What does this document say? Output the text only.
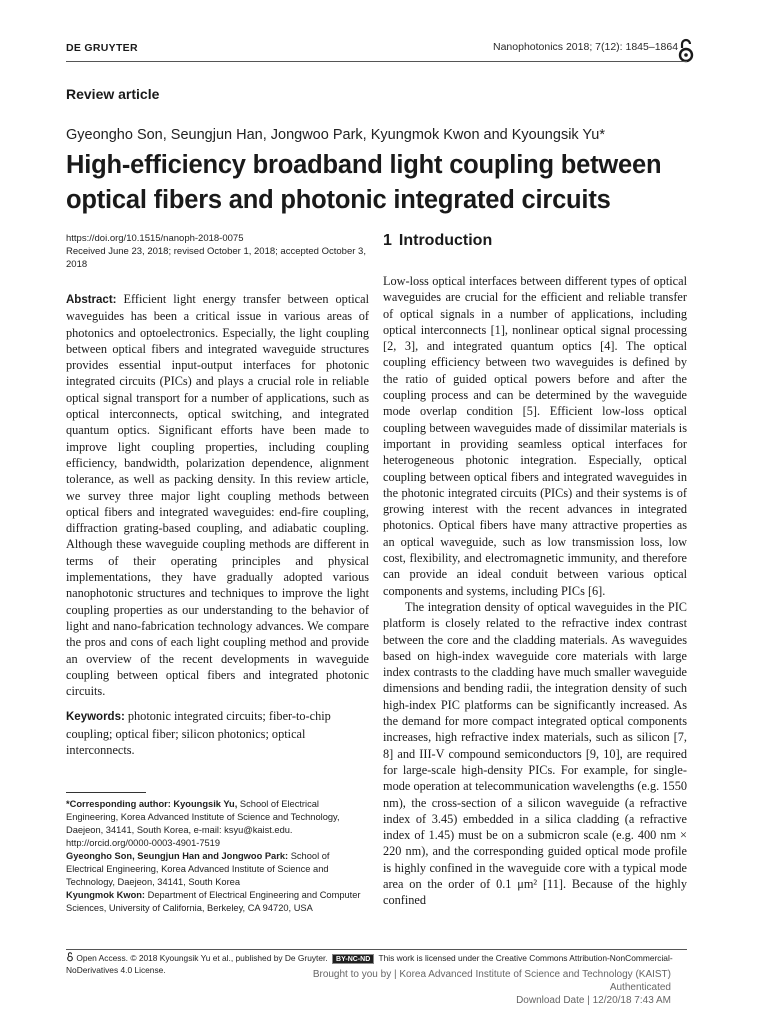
DE GRUYTER	Nanophotonics 2018; 7(12): 1845–1864
Review article
Gyeongho Son, Seungjun Han, Jongwoo Park, Kyungmok Kwon and Kyoungsik Yu*
High-efficiency broadband light coupling between optical fibers and photonic integrated circuits
https://doi.org/10.1515/nanoph-2018-0075
Received June 23, 2018; revised October 1, 2018; accepted October 3, 2018

Abstract: Efficient light energy transfer between optical waveguides has been a critical issue in various areas of photonics and optoelectronics. Especially, the light coupling between optical fibers and integrated waveguide structures provides essential input-output interfaces for photonic integrated circuits (PICs) and plays a crucial role in reliable optical signal transport for a number of applications, such as optical interconnects, optical switching, and integrated quantum optics. Significant efforts have been made to improve light coupling properties, including coupling efficiency, bandwidth, polarization dependence, alignment tolerance, as well as packing density. In this review article, we survey three major light coupling methods between optical fibers and integrated waveguides: end-fire coupling, diffraction grating-based coupling, and adiabatic coupling. Although these waveguide coupling methods are different in terms of their operating principles and physical implementations, they have gradually adopted various nanophotonic structures and techniques to improve the light coupling properties as our understanding to the behavior of light and nano-fabrication technology advances. We compare the pros and cons of each light coupling method and provide an overview of the recent developments in waveguide coupling between optical fibers and integrated photonic circuits.

Keywords: photonic integrated circuits; fiber-to-chip coupling; optical fiber; silicon photonics; optical interconnects.

*Corresponding author: Kyoungsik Yu, School of Electrical Engineering, Korea Advanced Institute of Science and Technology, Daejeon, 34141, South Korea, e-mail: ksyu@kaist.edu. http://orcid.org/0000-0003-4901-7519

Gyeongho Son, Seungjun Han and Jongwoo Park: School of Electrical Engineering, Korea Advanced Institute of Science and Technology, Daejeon, 34141, South Korea

Kyungmok Kwon: Department of Electrical Engineering and Computer Sciences, University of California, Berkeley, CA 94720, USA

1 Introduction

Low-loss optical interfaces between different types of optical waveguides are crucial for the efficient and reliable transfer of optical signals in a number of applications, including optical interconnects [1], nonlinear optical signal processing [2, 3], and integrated quantum optics [4]. The optical coupling efficiency between two waveguides is defined by the ratio of guided optical powers before and after the coupling process and can be determined by the waveguide mode overlap condition [5]. Efficient low-loss optical coupling between waveguides made of dissimilar materials is important in providing seamless optical interfaces for heterogeneous photonic integration. Especially, optical coupling between optical fibers and integrated waveguides in the photonic integrated circuits (PICs) and their systems is of growing interest with the recent advances in integrated photonics. Optical fibers have many attractive properties as an optical waveguide, such as low transmission loss, low cost, flexibility, and electromagnetic immunity, and therefore can provide an ideal conduit between various optical components and systems, including PICs [6].

The integration density of optical waveguides in the PIC platform is closely related to the refractive index contrast between the core and the cladding materials. As waveguides based on high-index waveguide core materials with large index contrasts to the cladding have much smaller waveguide dimensions and bending radii, the integration density of such high-index PIC platforms can be significantly increased. As the demand for more compact integrated optical components increases, high refractive index materials, such as silicon [7, 8] and III-V compound semiconductors [9, 10], are required for large-scale high-density PICs. For example, for single-mode operation at telecommunication wavelengths (e.g. 1550 nm), the cross-section of a silicon waveguide (a refractive index of 3.45) embedded in a silica cladding (a refractive index of 1.45) must be on a submicron scale (e.g. 400 nm × 220 nm), and the corresponding guided optical mode profile is highly confined in the waveguide core with a typical mode area on the order of 0.1 μm² [11]. Because of the highly confined

Open Access. © 2018 Kyoungsik Yu et al., published by De Gruyter. BY-NC-ND This work is licensed under the Creative Commons Attribution-NonCommercial-NoDerivatives 4.0 License.	Brought to you by | Korea Advanced Institute of Science and Technology (KAIST)
Authenticated
Download Date | 12/20/18 7:43 AM
